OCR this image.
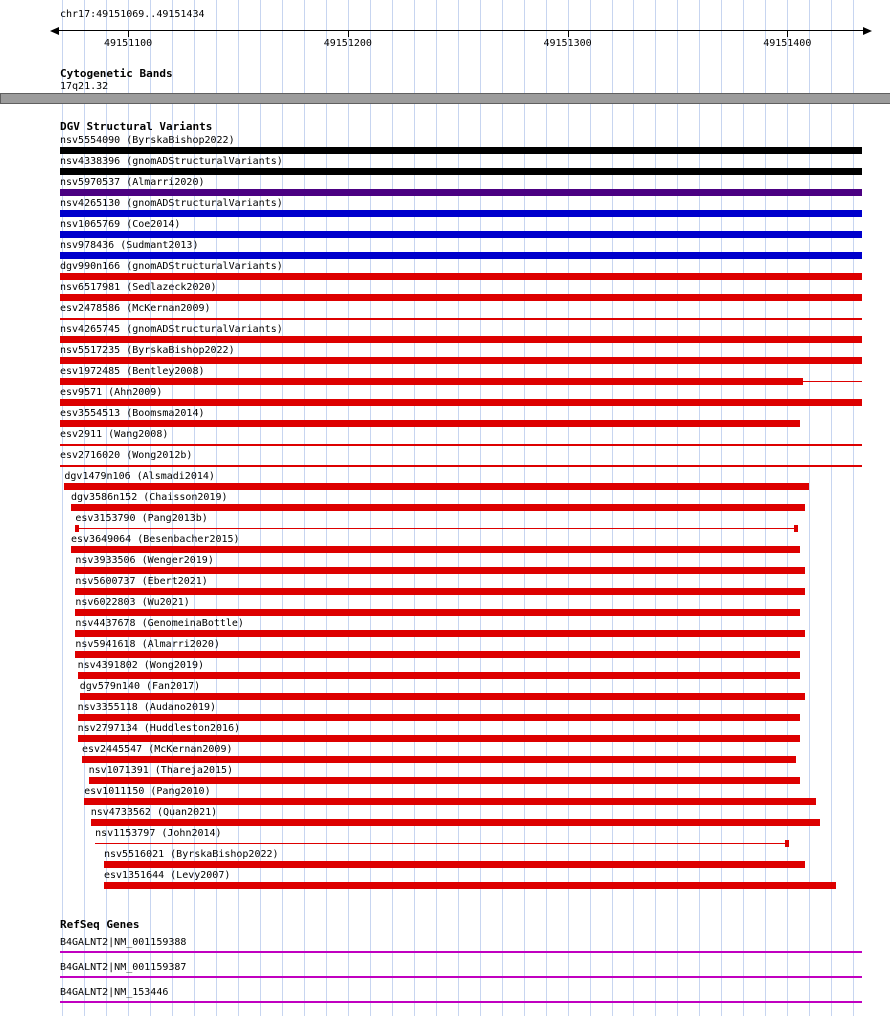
chr17:49151069..49151434
49151100	49151200	49151300	49151400
Cytogenetic Bands
17q21.32
DGV Structural Variants
nsv5554090 (ByrskaBishop2022)
nsv4338396 (gnomADStructuralVariants)
nsv5970537 (Almarri2020)
nsv4265130 (gnomADStructuralVariants)
nsv1065769 (Coe2014)
nsv978436 (Sudmant2013)
dgv990n166 (gnomADStructuralVariants)
nsv6517981 (Sedlazeck2020)
esv2478586 (McKernan2009)
nsv4265745 (gnomADStructuralVariants)
nsv5517235 (ByrskaBishop2022)
esv1972485 (Bentley2008)
esv9571 (Ahn2009)
esv3554513 (Boomsma2014)
esv2911 (Wang2008)
esv2716020 (Wong2012b)
dgv1479n106 (Alsmadi2014)
dgv3586n152 (Chaisson2019)
esv3153790 (Pang2013b)
esv3649064 (Besenbacher2015)
nsv3933506 (Wenger2019)
nsv5600737 (Ebert2021)
nsv6022803 (Wu2021)
nsv4437678 (GenomeinaBottle)
nsv5941618 (Almarri2020)
nsv4391802 (Wong2019)
dgv579n140 (Fan2017)
nsv3355118 (Audano2019)
nsv2797134 (Huddleston2016)
esv2445547 (McKernan2009)
nsv1071391 (Thareja2015)
esv1011150 (Pang2010)
nsv4733562 (Quan2021)
nsv1153797 (John2014)
nsv5516021 (ByrskaBishop2022)
esv1351644 (Levy2007)
RefSeq Genes
B4GALNT2|NM_001159388
B4GALNT2|NM_001159387
B4GALNT2|NM_153446
